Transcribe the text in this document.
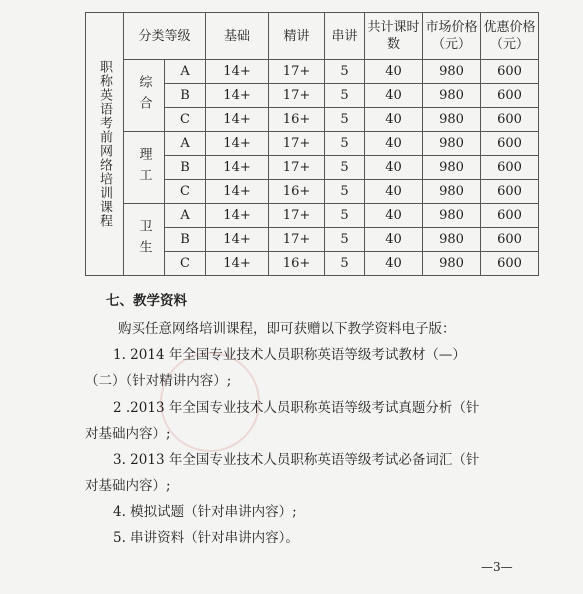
职称英语考前网络培训课程	分类等级		基础	精讲	串讲	共计课时数	市场价格（元）	优惠价格（元）

	综合	A	14+	17+	5	40	980	600
		B	14+	17+	5	40	980	600
		C	14+	16+	5	40	980	600

	理工	A	14+	17+	5	40	980	600
		B	14+	17+	5	40	980	600
		C	14+	16+	5	40	980	600

	卫生	A	14+	17+	5	40	980	600
		B	14+	17+	5	40	980	600
		C	14+	16+	5	40	980	600
七、教学资料
购买任意网络培训课程，即可获赠以下教学资料电子版：
1. 2014 年全国专业技术人员职称英语等级考试教材（—）
（二）（针对精讲内容）;
2 .2013 年全国专业技术人员职称英语等级考试真题分析（针
对基础内容）;
3. 2013 年全国专业技术人员职称英语等级考试必备词汇（针
对基础内容）;
4. 模拟试题（针对串讲内容）;
5. 串讲资料（针对串讲内容）。
—3—
